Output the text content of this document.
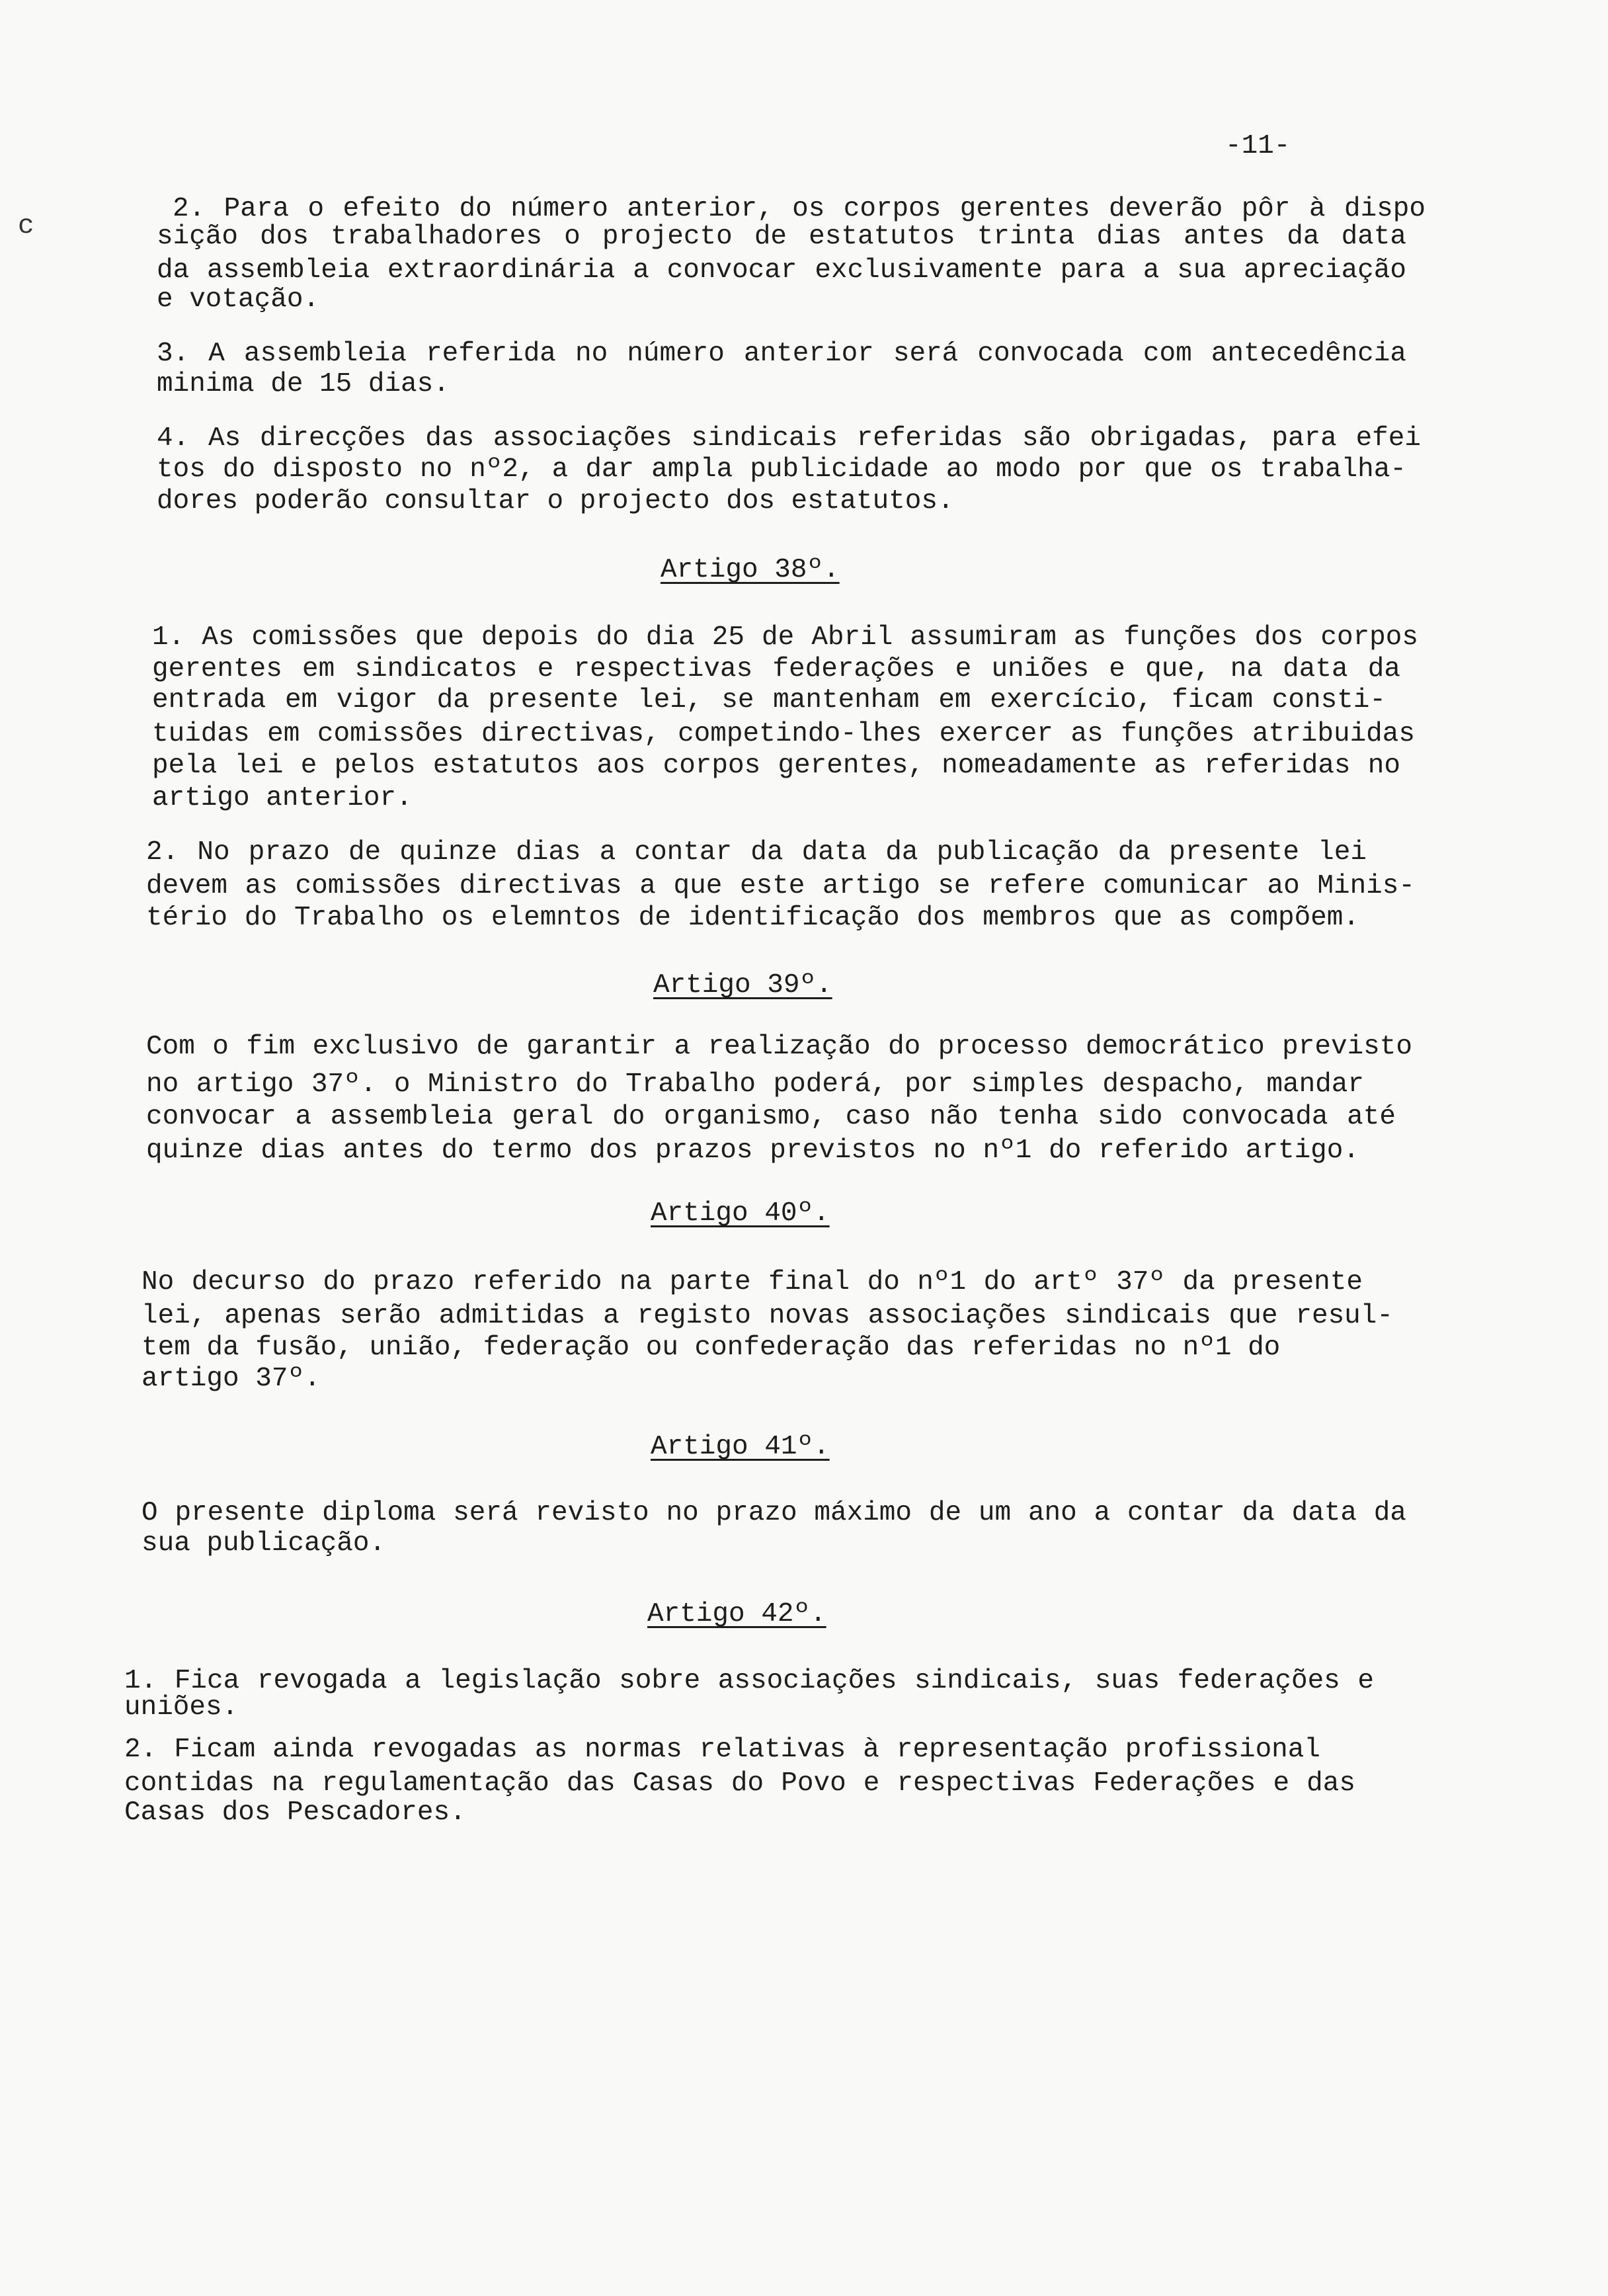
-11-
c
2. Para o efeito do número anterior, os corpos gerentes deverão pôr à dispo
sição dos trabalhadores o projecto de estatutos trinta dias antes da data
da assembleia extraordinária a convocar exclusivamente para a sua apreciação
e votação.
3. A assembleia referida no número anterior será convocada com antecedência
minima de 15 dias.
4. As direcções das associações sindicais referidas são obrigadas, para efei
tos do disposto no nº2, a dar ampla publicidade ao modo por que os trabalha-
dores poderão consultar o projecto dos estatutos.
Artigo 38º.
1. As comissões que depois do dia 25 de Abril assumiram as funções dos corpos
gerentes em sindicatos e respectivas federações e uniões e que, na data da
entrada em vigor da presente lei, se mantenham em exercício, ficam consti-
tuidas em comissões directivas, competindo-lhes exercer as funções atribuidas
pela lei e pelos estatutos aos corpos gerentes, nomeadamente as referidas no
artigo anterior.
2. No prazo de quinze dias a contar da data da publicação da presente lei
devem as comissões directivas a que este artigo se refere comunicar ao Minis-
tério do Trabalho os elemntos de identificação dos membros que as compõem.
Artigo 39º.
Com o fim exclusivo de garantir a realização do processo democrático previsto
no artigo 37º. o Ministro do Trabalho poderá, por simples despacho, mandar
convocar a assembleia geral do organismo, caso não tenha sido convocada até
quinze dias antes do termo dos prazos previstos no nº1 do referido artigo.
Artigo 40º.
No decurso do prazo referido na parte final do nº1 do artº 37º da presente
lei, apenas serão admitidas a registo novas associações sindicais que resul-
tem da fusão, união, federação ou confederação das referidas no nº1 do
artigo 37º.
Artigo 41º.
O presente diploma será revisto no prazo máximo de um ano a contar da data da
sua publicação.
Artigo 42º.
1. Fica revogada a legislação sobre associações sindicais, suas federações e
uniões.
2. Ficam ainda revogadas as normas relativas à representação profissional
contidas na regulamentação das Casas do Povo e respectivas Federações e das
Casas dos Pescadores.
